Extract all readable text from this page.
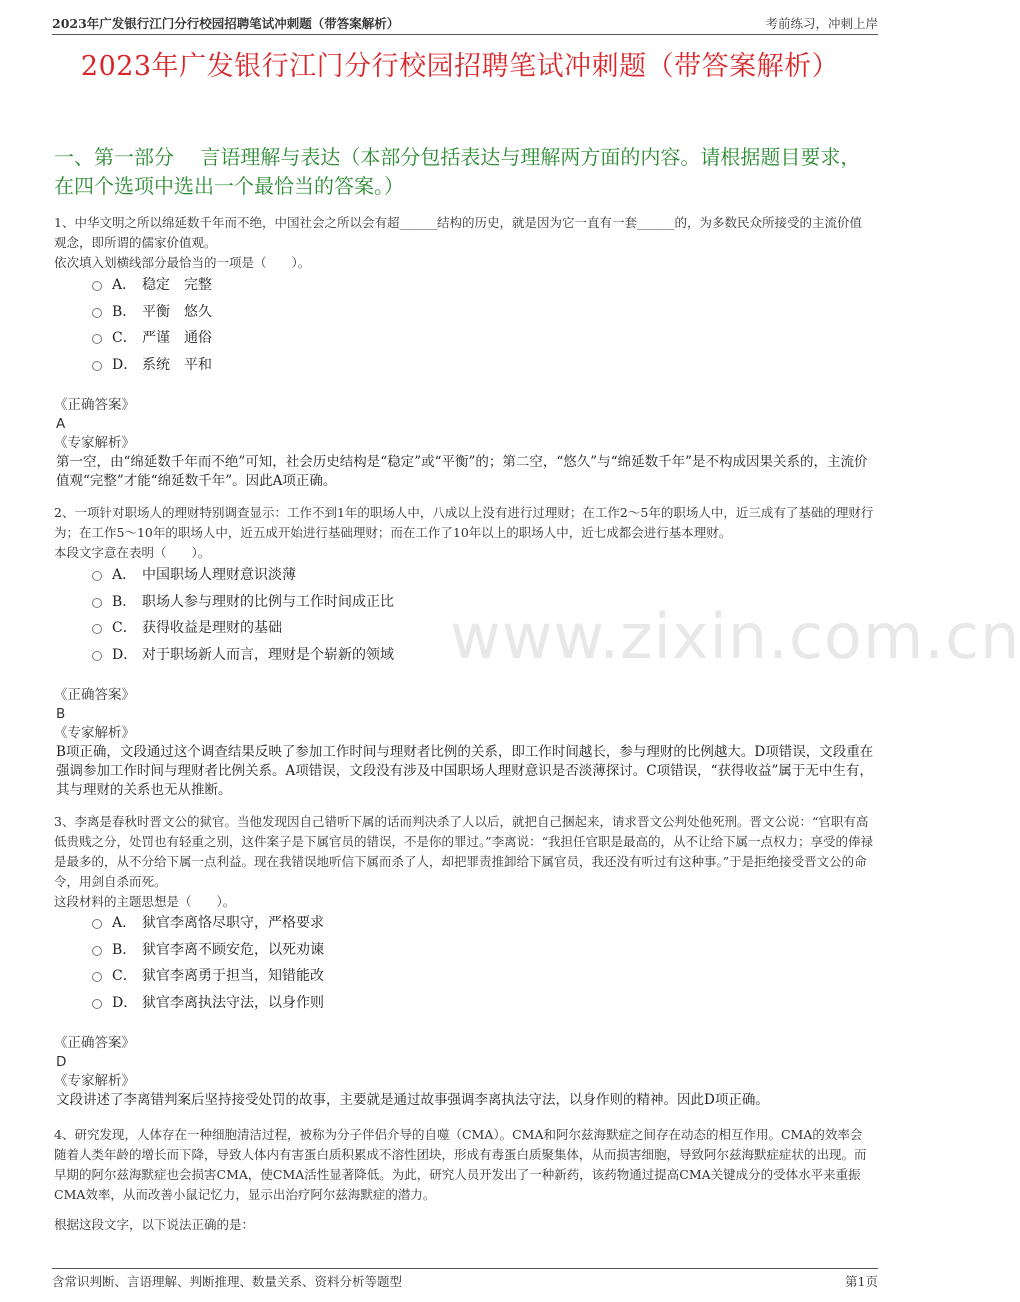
2023年广发银行江门分行校园招聘笔试冲刺题（带答案解析）	考前练习，冲刺上岸
www.zixin.com.cn
2023年广发银行江门分行校园招聘笔试冲刺题（带答案解析）
一、第一部分　 言语理解与表达（本部分包括表达与理解两方面的内容。请根据题目要求，在四个选项中选出一个最恰当的答案。）
1、中华文明之所以绵延数千年而不绝，中国社会之所以会有超______结构的历史，就是因为它一直有一套______的，为多数民众所接受的主流价值观念，即所谓的儒家价值观。
依次填入划横线部分最恰当的一项是（　　）。
A． 稳定　完整
B． 平衡　悠久
C． 严谨　通俗
D． 系统　平和
《正确答案》
A
《专家解析》
第一空，由“绵延数千年而不绝”可知，社会历史结构是“稳定”或“平衡”的；第二空，“悠久”与“绵延数千年”是不构成因果关系的，主流价值观“完整”才能“绵延数千年”。因此A项正确。
2、一项针对职场人的理财特别调查显示：工作不到1年的职场人中，八成以上没有进行过理财；在工作2～5年的职场人中，近三成有了基础的理财行为；在工作5～10年的职场人中，近五成开始进行基础理财；而在工作了10年以上的职场人中，近七成都会进行基本理财。
本段文字意在表明（　　）。
A． 中国职场人理财意识淡薄
B． 职场人参与理财的比例与工作时间成正比
C． 获得收益是理财的基础
D． 对于职场新人而言，理财是个崭新的领域
《正确答案》
B
《专家解析》
B项正确，文段通过这个调查结果反映了参加工作时间与理财者比例的关系，即工作时间越长，参与理财的比例越大。D项错误，文段重在强调参加工作时间与理财者比例关系。A项错误，文段没有涉及中国职场人理财意识是否淡薄探讨。C项错误，“获得收益”属于无中生有，其与理财的关系也无从推断。
3、李离是春秋时晋文公的狱官。当他发现因自己错听下属的话而判决杀了人以后，就把自己捆起来，请求晋文公判处他死刑。晋文公说：“官职有高低贵贱之分，处罚也有轻重之别，这件案子是下属官员的错误，不是你的罪过。”李离说：“我担任官职是最高的，从不让给下属一点权力；享受的俸禄是最多的，从不分给下属一点利益。现在我错误地听信下属而杀了人，却把罪责推卸给下属官员，我还没有听过有这种事。”于是拒绝接受晋文公的命令，用剑自杀而死。
这段材料的主题思想是（　　）。
A． 狱官李离恪尽职守，严格要求
B． 狱官李离不顾安危，以死劝谏
C． 狱官李离勇于担当，知错能改
D． 狱官李离执法守法，以身作则
《正确答案》
D
《专家解析》
文段讲述了李离错判案后坚持接受处罚的故事，主要就是通过故事强调李离执法守法，以身作则的精神。因此D项正确。
4、研究发现，人体存在一种细胞清洁过程，被称为分子伴侣介导的自噬（CMA）。CMA和阿尔兹海默症之间存在动态的相互作用。CMA的效率会随着人类年龄的增长而下降，导致人体内有害蛋白质积累成不溶性团块，形成有毒蛋白质聚集体，从而损害细胞，导致阿尔兹海默症症状的出现。而早期的阿尔兹海默症也会损害CMA，使CMA活性显著降低。为此，研究人员开发出了一种新药，该药物通过提高CMA关键成分的受体水平来重振CMA效率，从而改善小鼠记忆力，显示出治疗阿尔兹海默症的潜力。
根据这段文字，以下说法正确的是：
含常识判断、言语理解、判断推理、数量关系、资料分析等题型	第1页
